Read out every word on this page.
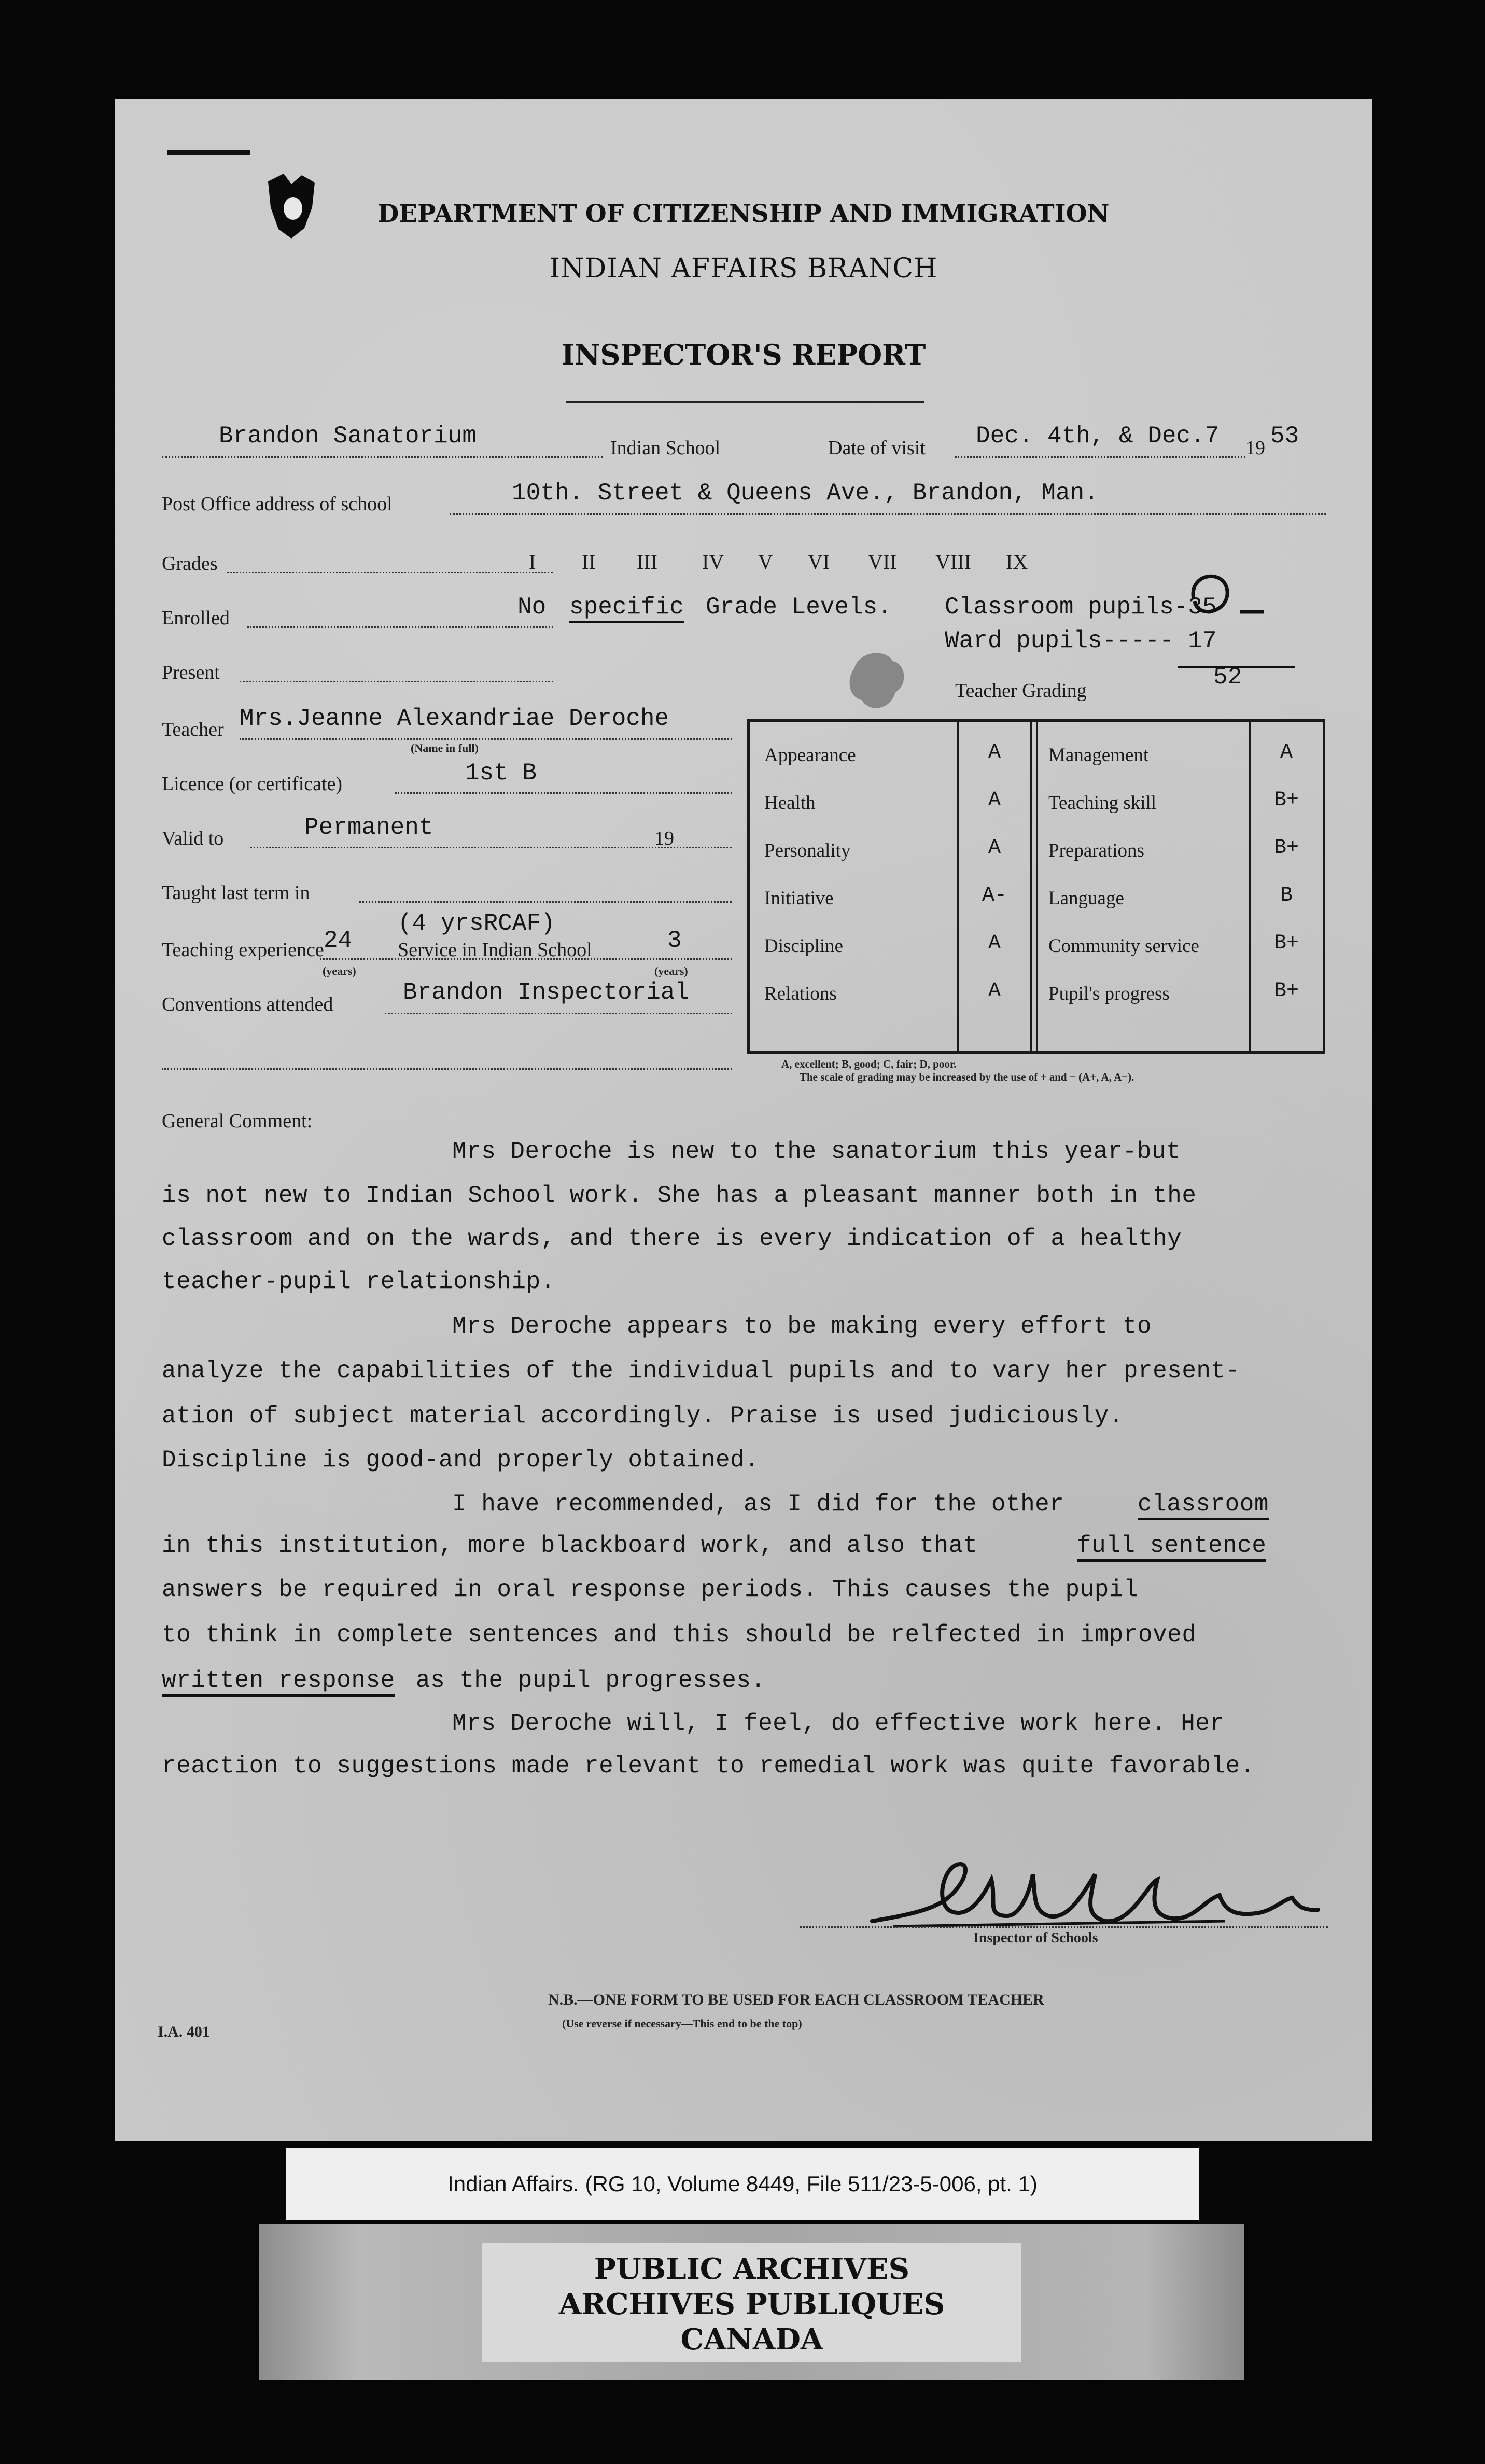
DEPARTMENT OF CITIZENSHIP AND IMMIGRATION
INDIAN AFFAIRS BRANCH
INSPECTOR'S REPORT
Brandon Sanatorium	Indian School	Date of visit Dec. 4th, & Dec.7 19 53
Post Office address of school	10th. Street & Queens Ave., Brandon, Man.
Grades	I II III IV V VI VII VIII IX
Enrolled	No specific Grade Levels. Classroom pupils-35
Ward pupils----- 17
52
Present
Teacher Grading
Teacher Mrs.Jeanne Alexandriae Deroche
(Name in full)
Licence (or certificate)	1st B
Valid to	Permanent	19
Taught last term in
Teaching experience 24
(4 yrsRCAF)
(years)
Service in Indian School	3
(years)
Conventions attended	Brandon Inspectorial
Appearance	A	Management	A
Health	A	Teaching skill	B+
Personality	A	Preparations	B+
Initiative	A-	Language	B
Discipline	A	Community service	B+
Relations	A	Pupil's progress	B+
A, excellent; B, good; C, fair; D, poor.
The scale of grading may be increased by the use of + and − (A+, A, A−).
General Comment:
Mrs Deroche is new to the sanatorium this year-but
is not new to Indian School work. She has a pleasant manner both in the
classroom and on the wards, and there is every indication of a healthy
teacher-pupil relationship.
Mrs Deroche appears to be making every effort to
analyze the capabilities of the individual pupils and to vary her present-
ation of subject material accordingly. Praise is used judiciously.
Discipline is good-and properly obtained.
I have recommended, as I did for the other
in this institution, more blackboard work, and also that
answers be required in oral response periods. This causes the pupil
to think in complete sentences and this should be relfected in improved
as the pupil progresses.
Mrs Deroche will, I feel, do effective work here. Her
reaction to suggestions made relevant to remedial work was quite favorable.
classroom
full sentence
written response
Inspector of Schools
N.B.—ONE FORM TO BE USED FOR EACH CLASSROOM TEACHER
(Use reverse if necessary—This end to be the top)
I.A. 401
Indian Affairs. (RG 10, Volume 8449, File 511/23-5-006, pt. 1)
PUBLIC ARCHIVES
ARCHIVES PUBLIQUES
CANADA
